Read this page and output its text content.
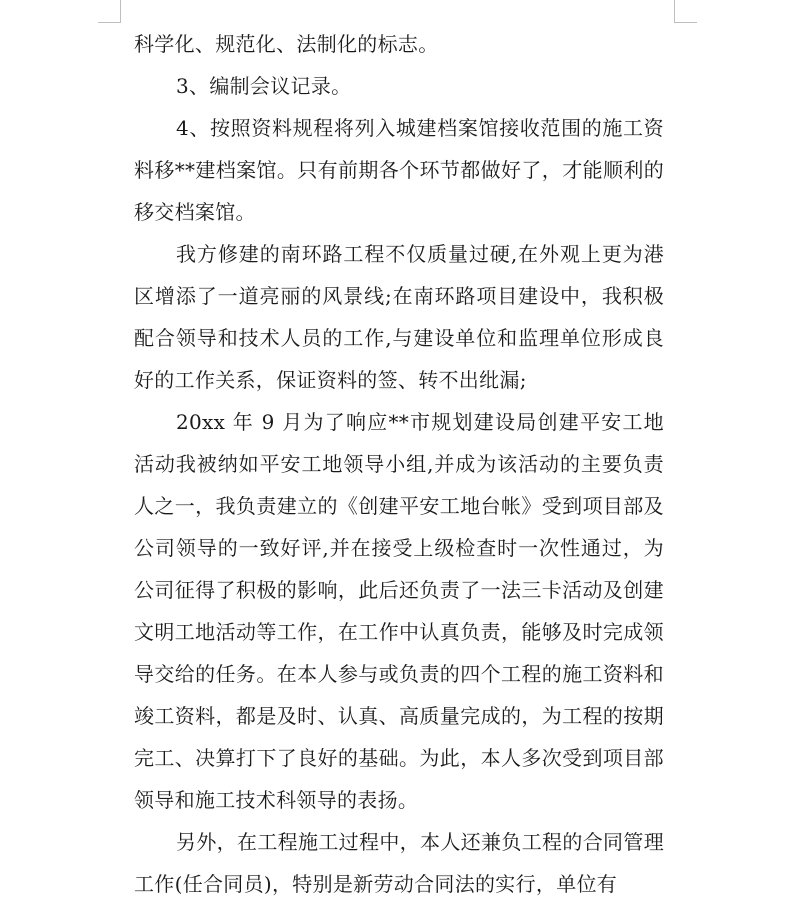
科学化、规范化、法制化的标志。

3、编制会议记录。

4、按照资料规程将列入城建档案馆接收范围的施工资料移**建档案馆。只有前期各个环节都做好了，才能顺利的移交档案馆。

我方修建的南环路工程不仅质量过硬,在外观上更为港区增添了一道亮丽的风景线;在南环路项目建设中，我积极配合领导和技术人员的工作,与建设单位和监理单位形成良好的工作关系，保证资料的签、转不出纰漏;

20xx 年 9 月为了响应**市规划建设局创建平安工地活动我被纳如平安工地领导小组,并成为该活动的主要负责人之一，我负责建立的《创建平安工地台帐》受到项目部及公司领导的一致好评,并在接受上级检查时一次性通过，为公司征得了积极的影响，此后还负责了一法三卡活动及创建文明工地活动等工作，在工作中认真负责，能够及时完成领导交给的任务。在本人参与或负责的四个工程的施工资料和竣工资料，都是及时、认真、高质量完成的，为工程的按期完工、决算打下了良好的基础。为此，本人多次受到项目部领导和施工技术科领导的表扬。

另外，在工程施工过程中，本人还兼负工程的合同管理工作(任合同员)，特别是新劳动合同法的实行，单位有
